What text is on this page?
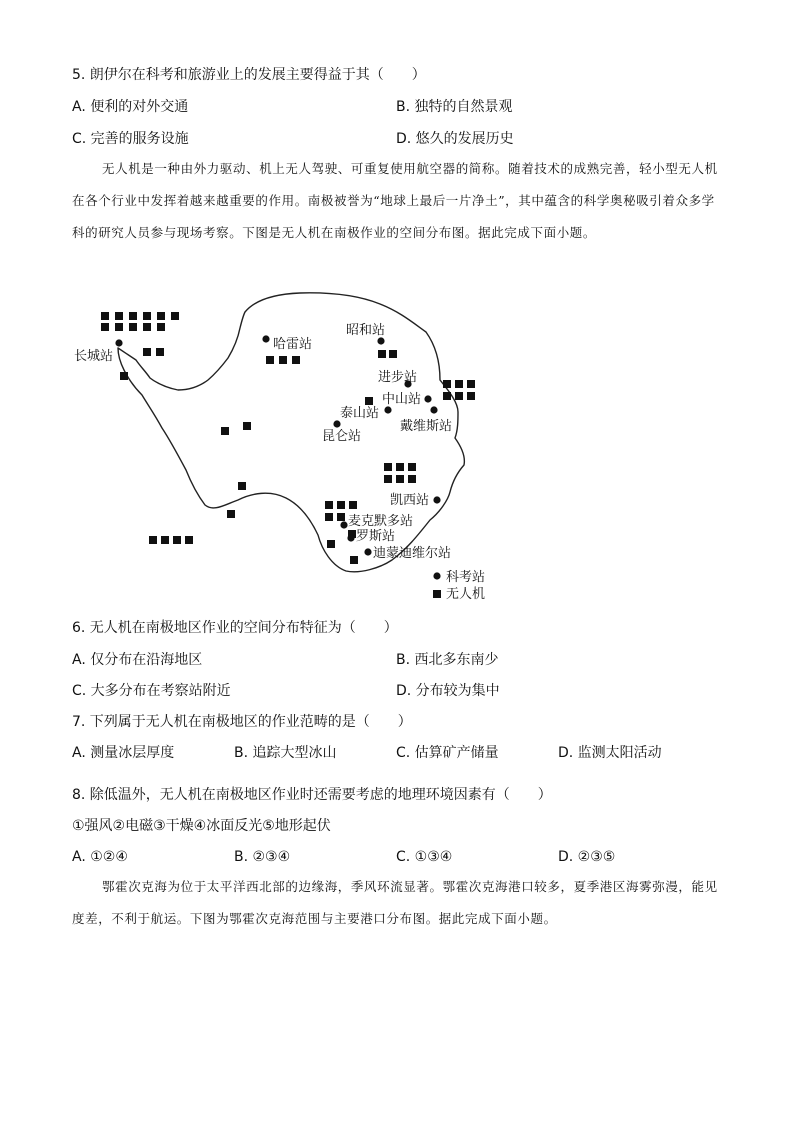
5. 朗伊尔在科考和旅游业上的发展主要得益于其（　　）
A. 便利的对外交通	B. 独特的自然景观
C. 完善的服务设施	D. 悠久的发展历史

无人机是一种由外力驱动、机上无人驾驶、可重复使用航空器的简称。随着技术的成熟完善，轻小型无人机在各个行业中发挥着越来越重要的作用。南极被誉为“地球上最后一片净土”，其中蕴含的科学奥秘吸引着众多学科的研究人员参与现场考察。下图是无人机在南极作业的空间分布图。据此完成下面小题。

长城站
哈雷站
昭和站
进步站
中山站
泰山站
戴维斯站
昆仑站
凯西站
麦克默多站
罗斯站
迪蒙迪维尔站
科考站
无人机
6. 无人机在南极地区作业的空间分布特征为（　　）
A. 仅分布在沿海地区	B. 西北多东南少
C. 大多分布在考察站附近	D. 分布较为集中
7. 下列属于无人机在南极地区的作业范畴的是（　　）
A. 测量冰层厚度	B. 追踪大型冰山	C. 估算矿产储量	D. 监测太阳活动
8. 除低温外，无人机在南极地区作业时还需要考虑的地理环境因素有（　　）
①强风②电磁③干燥④冰面反光⑤地形起伏
A. ①②④	B. ②③④	C. ①③④	D. ②③⑤

鄂霍次克海为位于太平洋西北部的边缘海，季风环流显著。鄂霍次克海港口较多，夏季港区海雾弥漫，能见度差，不利于航运。下图为鄂霍次克海范围与主要港口分布图。据此完成下面小题。
